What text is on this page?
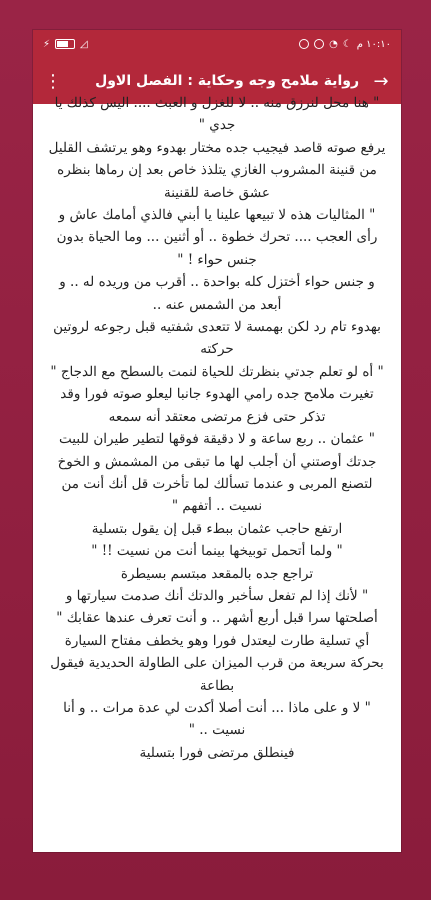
⚡	◿	◔ ☾ ١٠:١٠ م
⋮	رواية ملامح وجه وحكاية : الفصل الاول →

" هنا محل لنرزق منه .. لا للغزل و العبث .... اليس كذلك يا جدي "

يرفع صوته قاصد فيجيب جده مختار بهدوء وهو يرتشف القليل من قنينة المشروب الغازي يتلذذ خاص بعد إن رماها بنظره عشق خاصة للقنينة

" المثاليات هذه لا تبيعها علينا يا أبني فالذي أمامك عاش و رأى العجب .... تحرك خطوة .. أو أثنين ... وما الحياة بدون جنس حواء ! "

و جنس حواء أختزل كله بواحدة .. أقرب من وريده له .. و أبعد من الشمس عنه ..

بهدوء تام رد لكن بهمسة لا تتعدى شفتيه قبل رجوعه لروتين حركته

" أه لو تعلم جدتي بنظرتك للحياة لنمت بالسطح مع الدجاج "

تغيرت ملامح جده رامي الهدوء جانبا ليعلو صوته فورا وقد تذكر حتى فزع مرتضى معتقد أنه سمعه

" عثمان .. ربع ساعة و لا دقيقة فوقها لتطير طيران للبيت جدتك أوصتني أن أجلب لها ما تبقى من المشمش و الخوخ لتصنع المربى و عندما تسألك لما تأخرت قل أنك أنت من نسيت .. أتفهم "

ارتفع حاجب عثمان ببطء قبل إن يقول بتسلية

" ولما أتحمل توبيخها بينما أنت من نسيت !! "

تراجع جده بالمقعد مبتسم بسيطرة

" لأنك إذا لم تفعل سأخبر والدتك أنك صدمت سيارتها و أصلحتها سرا قبل أربع أشهر .. و أنت تعرف عندها عقابك "

أي تسلية طارت ليعتدل فورا وهو يخطف مفتاح السيارة بحركة سريعة من قرب الميزان على الطاولة الحديدية فيقول بطاعة

" لا و على ماذا ... أنت أصلا أكدت لي عدة مرات .. و أنا نسيت .. "

فينطلق مرتضى فورا بتسلية
